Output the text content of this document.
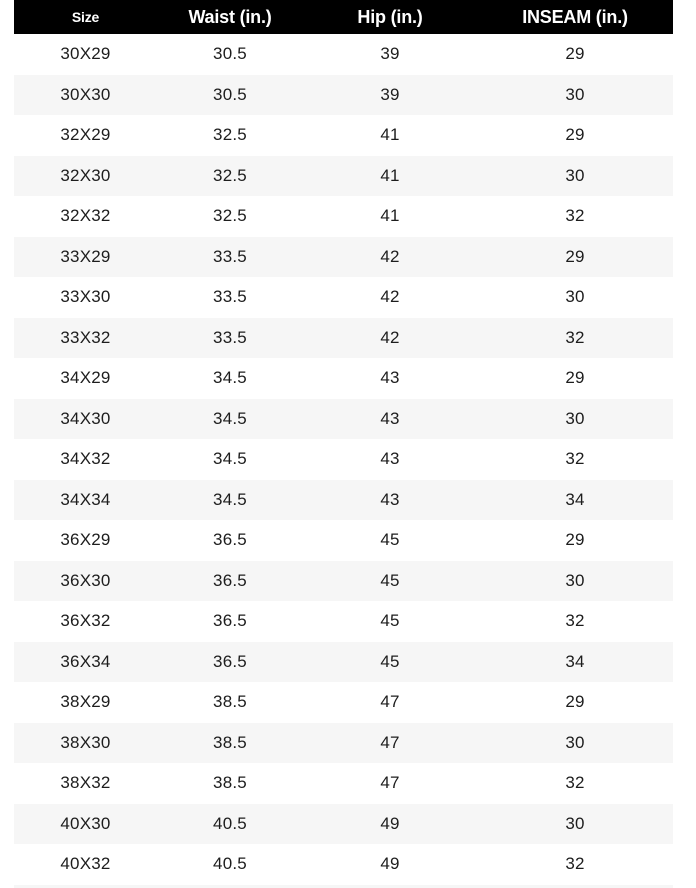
Size	Waist (in.)	Hip (in.)	INSEAM (in.)
30X29	30.5	39	29
30X30	30.5	39	30
32X29	32.5	41	29
32X30	32.5	41	30
32X32	32.5	41	32
33X29	33.5	42	29
33X30	33.5	42	30
33X32	33.5	42	32
34X29	34.5	43	29
34X30	34.5	43	30
34X32	34.5	43	32
34X34	34.5	43	34
36X29	36.5	45	29
36X30	36.5	45	30
36X32	36.5	45	32
36X34	36.5	45	34
38X29	38.5	47	29
38X30	38.5	47	30
38X32	38.5	47	32
40X30	40.5	49	30
40X32	40.5	49	32
